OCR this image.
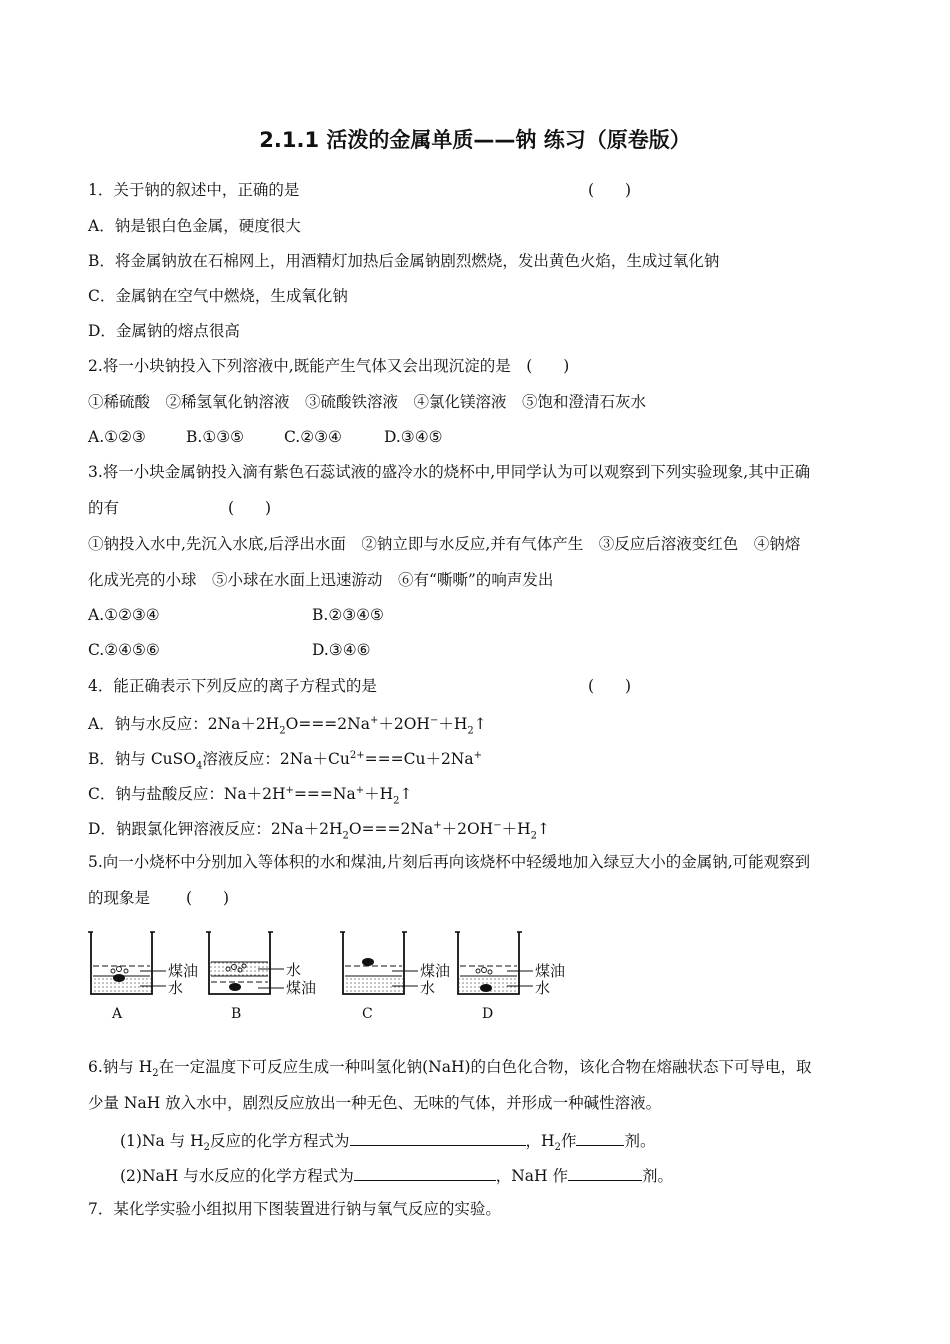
2.1.1 活泼的金属单质——钠 练习（原卷版）
1．关于钠的叙述中，正确的是	(　　)
A．钠是银白色金属，硬度很大
B．将金属钠放在石棉网上，用酒精灯加热后金属钠剧烈燃烧，发出黄色火焰，生成过氧化钠
C．金属钠在空气中燃烧，生成氧化钠
D．金属钠的熔点很高
2.将一小块钠投入下列溶液中,既能产生气体又会出现沉淀的是　(　　)
①稀硫酸　②稀氢氧化钠溶液　③硫酸铁溶液　④氯化镁溶液　⑤饱和澄清石灰水
A.①②③	B.①③⑤	C.②③④	D.③④⑤
3.将一小块金属钠投入滴有紫色石蕊试液的盛冷水的烧杯中,甲同学认为可以观察到下列实验现象,其中正确
的有	(　　)
①钠投入水中,先沉入水底,后浮出水面　②钠立即与水反应,并有气体产生　③反应后溶液变红色　④钠熔
化成光亮的小球　⑤小球在水面上迅速游动　⑥有“嘶嘶”的响声发出
A.①②③④	B.②③④⑤
C.②④⑤⑥	D.③④⑥
4．能正确表示下列反应的离子方程式的是	(　　)
A．钠与水反应：$2Na+2H_2O===2Na^++2OH^-+H_2↑$
B．钠与 CuSO$_4$溶液反应：$2Na+Cu^{2+}===Cu+2Na^+$
C．钠与盐酸反应：$Na+2H^+===Na^++H_2↑$
D．钠跟氯化钾溶液反应：$2Na+2H_2O===2Na^++2OH^-+H_2↑$
5.向一小烧杯中分别加入等体积的水和煤油,片刻后再向该烧杯中轻缓地加入绿豆大小的金属钠,可能观察到
的现象是 (　　)
煤油
水
A
水
煤油
B
煤油
水
C
煤油
水
D
6.钠与 $H_2$在一定温度下可反应生成一种叫氢化钠(NaH)的白色化合物，该化合物在熔融状态下可导电，取
少量 NaH 放入水中，剧烈反应放出一种无色、无味的气体，并形成一种碱性溶液。
(1)Na 与 $H_2$反应的化学方程式为	，$H_2$作	剂。
(2)NaH 与水反应的化学方程式为	，NaH 作	剂。
7．某化学实验小组拟用下图装置进行钠与氧气反应的实验。
